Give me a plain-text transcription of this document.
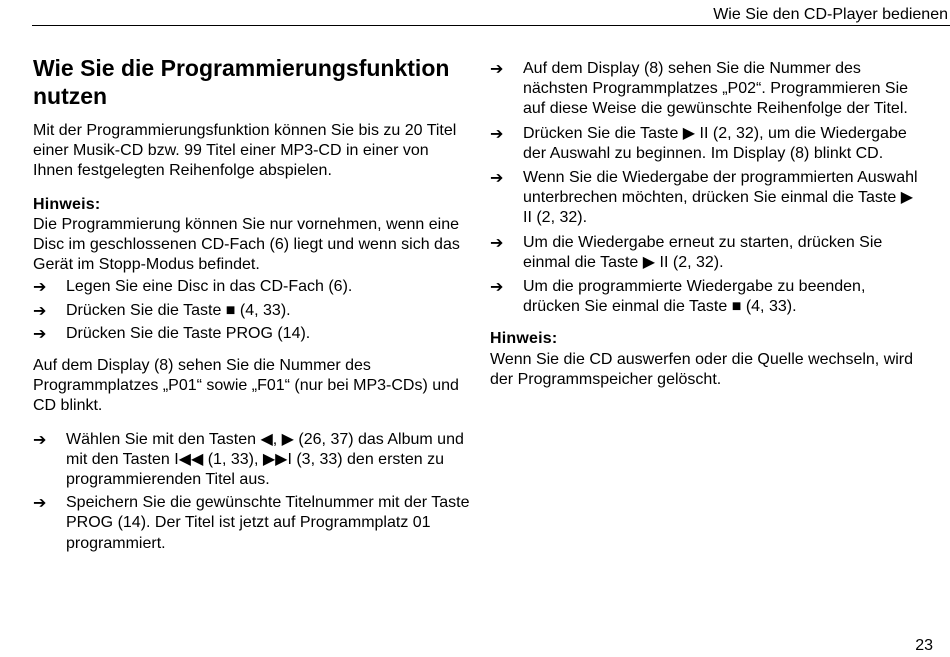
Wie Sie den CD-Player bedienen
Wie Sie die Programmierungsfunktion nutzen

Mit der Programmierungsfunktion können Sie bis zu 20 Titel einer Musik-CD bzw. 99 Titel einer MP3-CD in einer von Ihnen festgelegten Reihenfolge abspielen.

Hinweis:
Die Programmierung können Sie nur vornehmen, wenn eine Disc im geschlossenen CD-Fach (6) liegt und wenn sich das Gerät im Stopp-Modus befindet.
➔ Legen Sie eine Disc in das CD-Fach (6).
➔ Drücken Sie die Taste ■ (4, 33).
➔ Drücken Sie die Taste PROG (14).

Auf dem Display (8) sehen Sie die Nummer des Programmplatzes „P01“ sowie „F01“ (nur bei MP3-CDs) und CD blinkt.

➔ Wählen Sie mit den Tasten ◀, ▶ (26, 37) das Album und mit den Tasten I◀◀ (1, 33), ▶▶I (3, 33) den ersten zu programmierenden Titel aus.
➔ Speichern Sie die gewünschte Titelnummer mit der Taste PROG (14). Der Titel ist jetzt auf Programmplatz 01 programmiert.
➔ Auf dem Display (8) sehen Sie die Nummer des nächsten Programmplatzes „P02“. Programmieren Sie auf diese Weise die gewünschte Reihenfolge der Titel.
➔ Drücken Sie die Taste ▶ II (2, 32), um die Wiedergabe der Auswahl zu beginnen. Im Display (8) blinkt CD.
➔ Wenn Sie die Wiedergabe der programmierten Auswahl unterbrechen möchten, drücken Sie einmal die Taste ▶ II (2, 32).
➔ Um die Wiedergabe erneut zu starten, drücken Sie einmal die Taste ▶ II (2, 32).
➔ Um die programmierte Wiedergabe zu beenden, drücken Sie einmal die Taste ■ (4, 33).
Hinweis:
Wenn Sie die CD auswerfen oder die Quelle wechseln, wird der Programmspeicher gelöscht.
23
